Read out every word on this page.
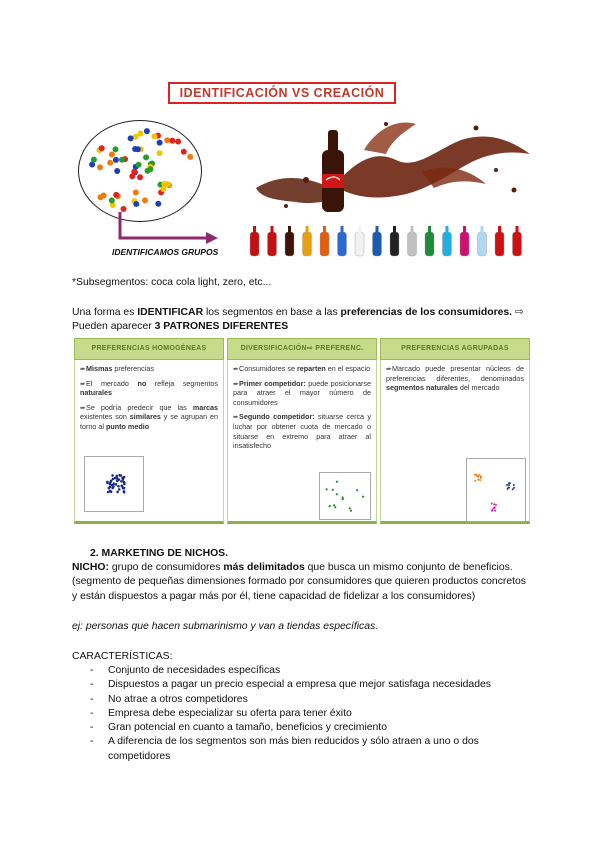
IDENTIFICACIÓN VS CREACIÓN
IDENTIFICAMOS GRUPOS
*Subsegmentos: coca cola light, zero, etc...
Una forma es IDENTIFICAR los segmentos en base a las preferencias de los consumidores. ⇨ Pueden aparecer 3 PATRONES DIFERENTES
PREFERENCIAS HOMOGÉNEAS

➨Mismas preferencias

➨El mercado no refleja segmentos naturales

➨Se podría predecir que las marcas existentes son similares y se agrupan en torno al punto medio

DIVERSIFICACIÓN⇨ PREFERENC.

➨Consumidores se reparten en el espacio

➨Primer competidor: puede posicionarse para atraer el mayor número de consumidores

➨Segundo competidor: situarse cerca y luchar por obtener cuota de mercado o situarse en extremo para atraer al insatisfecho

PREFERENCIAS AGRUPADAS

➨Marcado puede presentar núcleos de preferencias diferentes, denominados segmentos naturales del mercado

2. MARKETING DE NICHOS.
NICHO: grupo de consumidores más delimitados que busca un mismo conjunto de beneficios. (segmento de pequeñas dimensiones formado por consumidores que quieren productos concretos y están dispuestos a pagar más por él, tiene capacidad de fidelizar a los consumidores)
ej: personas que hacen submarinismo y van a tiendas específicas.
CARACTERÍSTICAS:
- Conjunto de necesidades específicas
- Dispuestos a pagar un precio especial a empresa que mejor satisfaga necesidades
- No atrae a otros competidores
- Empresa debe especializar su oferta para tener éxito
- Gran potencial en cuanto a tamaño, beneficios y crecimiento
- A diferencia de los segmentos son más bien reducidos y sólo atraen a uno o dos competidores
